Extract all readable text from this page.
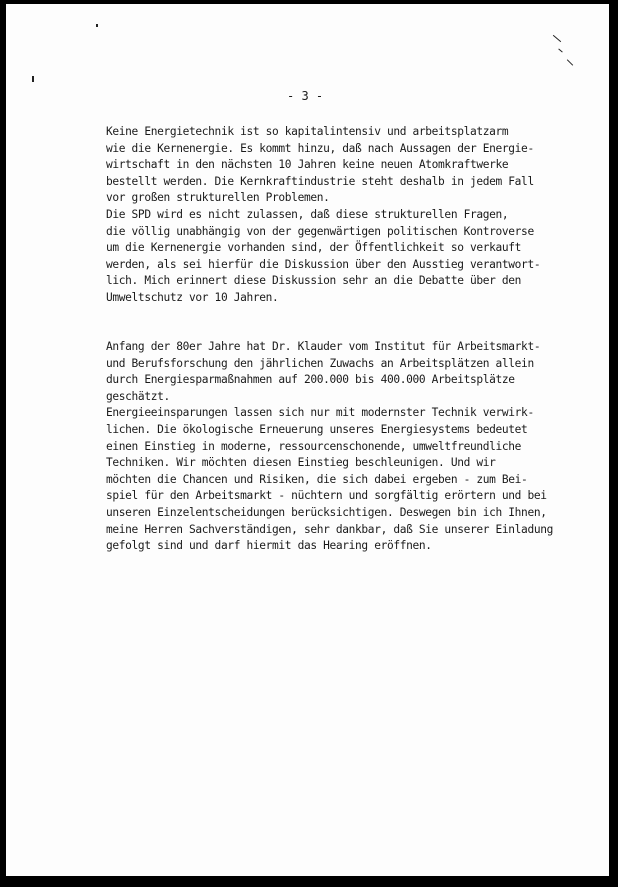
- 3 -
Keine Energietechnik ist so kapitalintensiv und arbeitsplatzarm
wie die Kernenergie. Es kommt hinzu, daß nach Aussagen der Energie-
wirtschaft in den nächsten 10 Jahren keine neuen Atomkraftwerke
bestellt werden. Die Kernkraftindustrie steht deshalb in jedem Fall
vor großen strukturellen Problemen.
Die SPD wird es nicht zulassen, daß diese strukturellen Fragen,
die völlig unabhängig von der gegenwärtigen politischen Kontroverse
um die Kernenergie vorhanden sind, der Öffentlichkeit so verkauft
werden, als sei hierfür die Diskussion über den Ausstieg verantwort-
lich. Mich erinnert diese Diskussion sehr an die Debatte über den
Umweltschutz vor 10 Jahren.
Anfang der 80er Jahre hat Dr. Klauder vom Institut für Arbeitsmarkt-
und Berufsforschung den jährlichen Zuwachs an Arbeitsplätzen allein
durch Energiesparmaßnahmen auf 200.000 bis 400.000 Arbeitsplätze
geschätzt.
Energieeinsparungen lassen sich nur mit modernster Technik verwirk-
lichen. Die ökologische Erneuerung unseres Energiesystems bedeutet
einen Einstieg in moderne, ressourcenschonende, umweltfreundliche
Techniken. Wir möchten diesen Einstieg beschleunigen. Und wir
möchten die Chancen und Risiken, die sich dabei ergeben - zum Bei-
spiel für den Arbeitsmarkt - nüchtern und sorgfältig erörtern und bei
unseren Einzelentscheidungen berücksichtigen. Deswegen bin ich Ihnen,
meine Herren Sachverständigen, sehr dankbar, daß Sie unserer Einladung
gefolgt sind und darf hiermit das Hearing eröffnen.
